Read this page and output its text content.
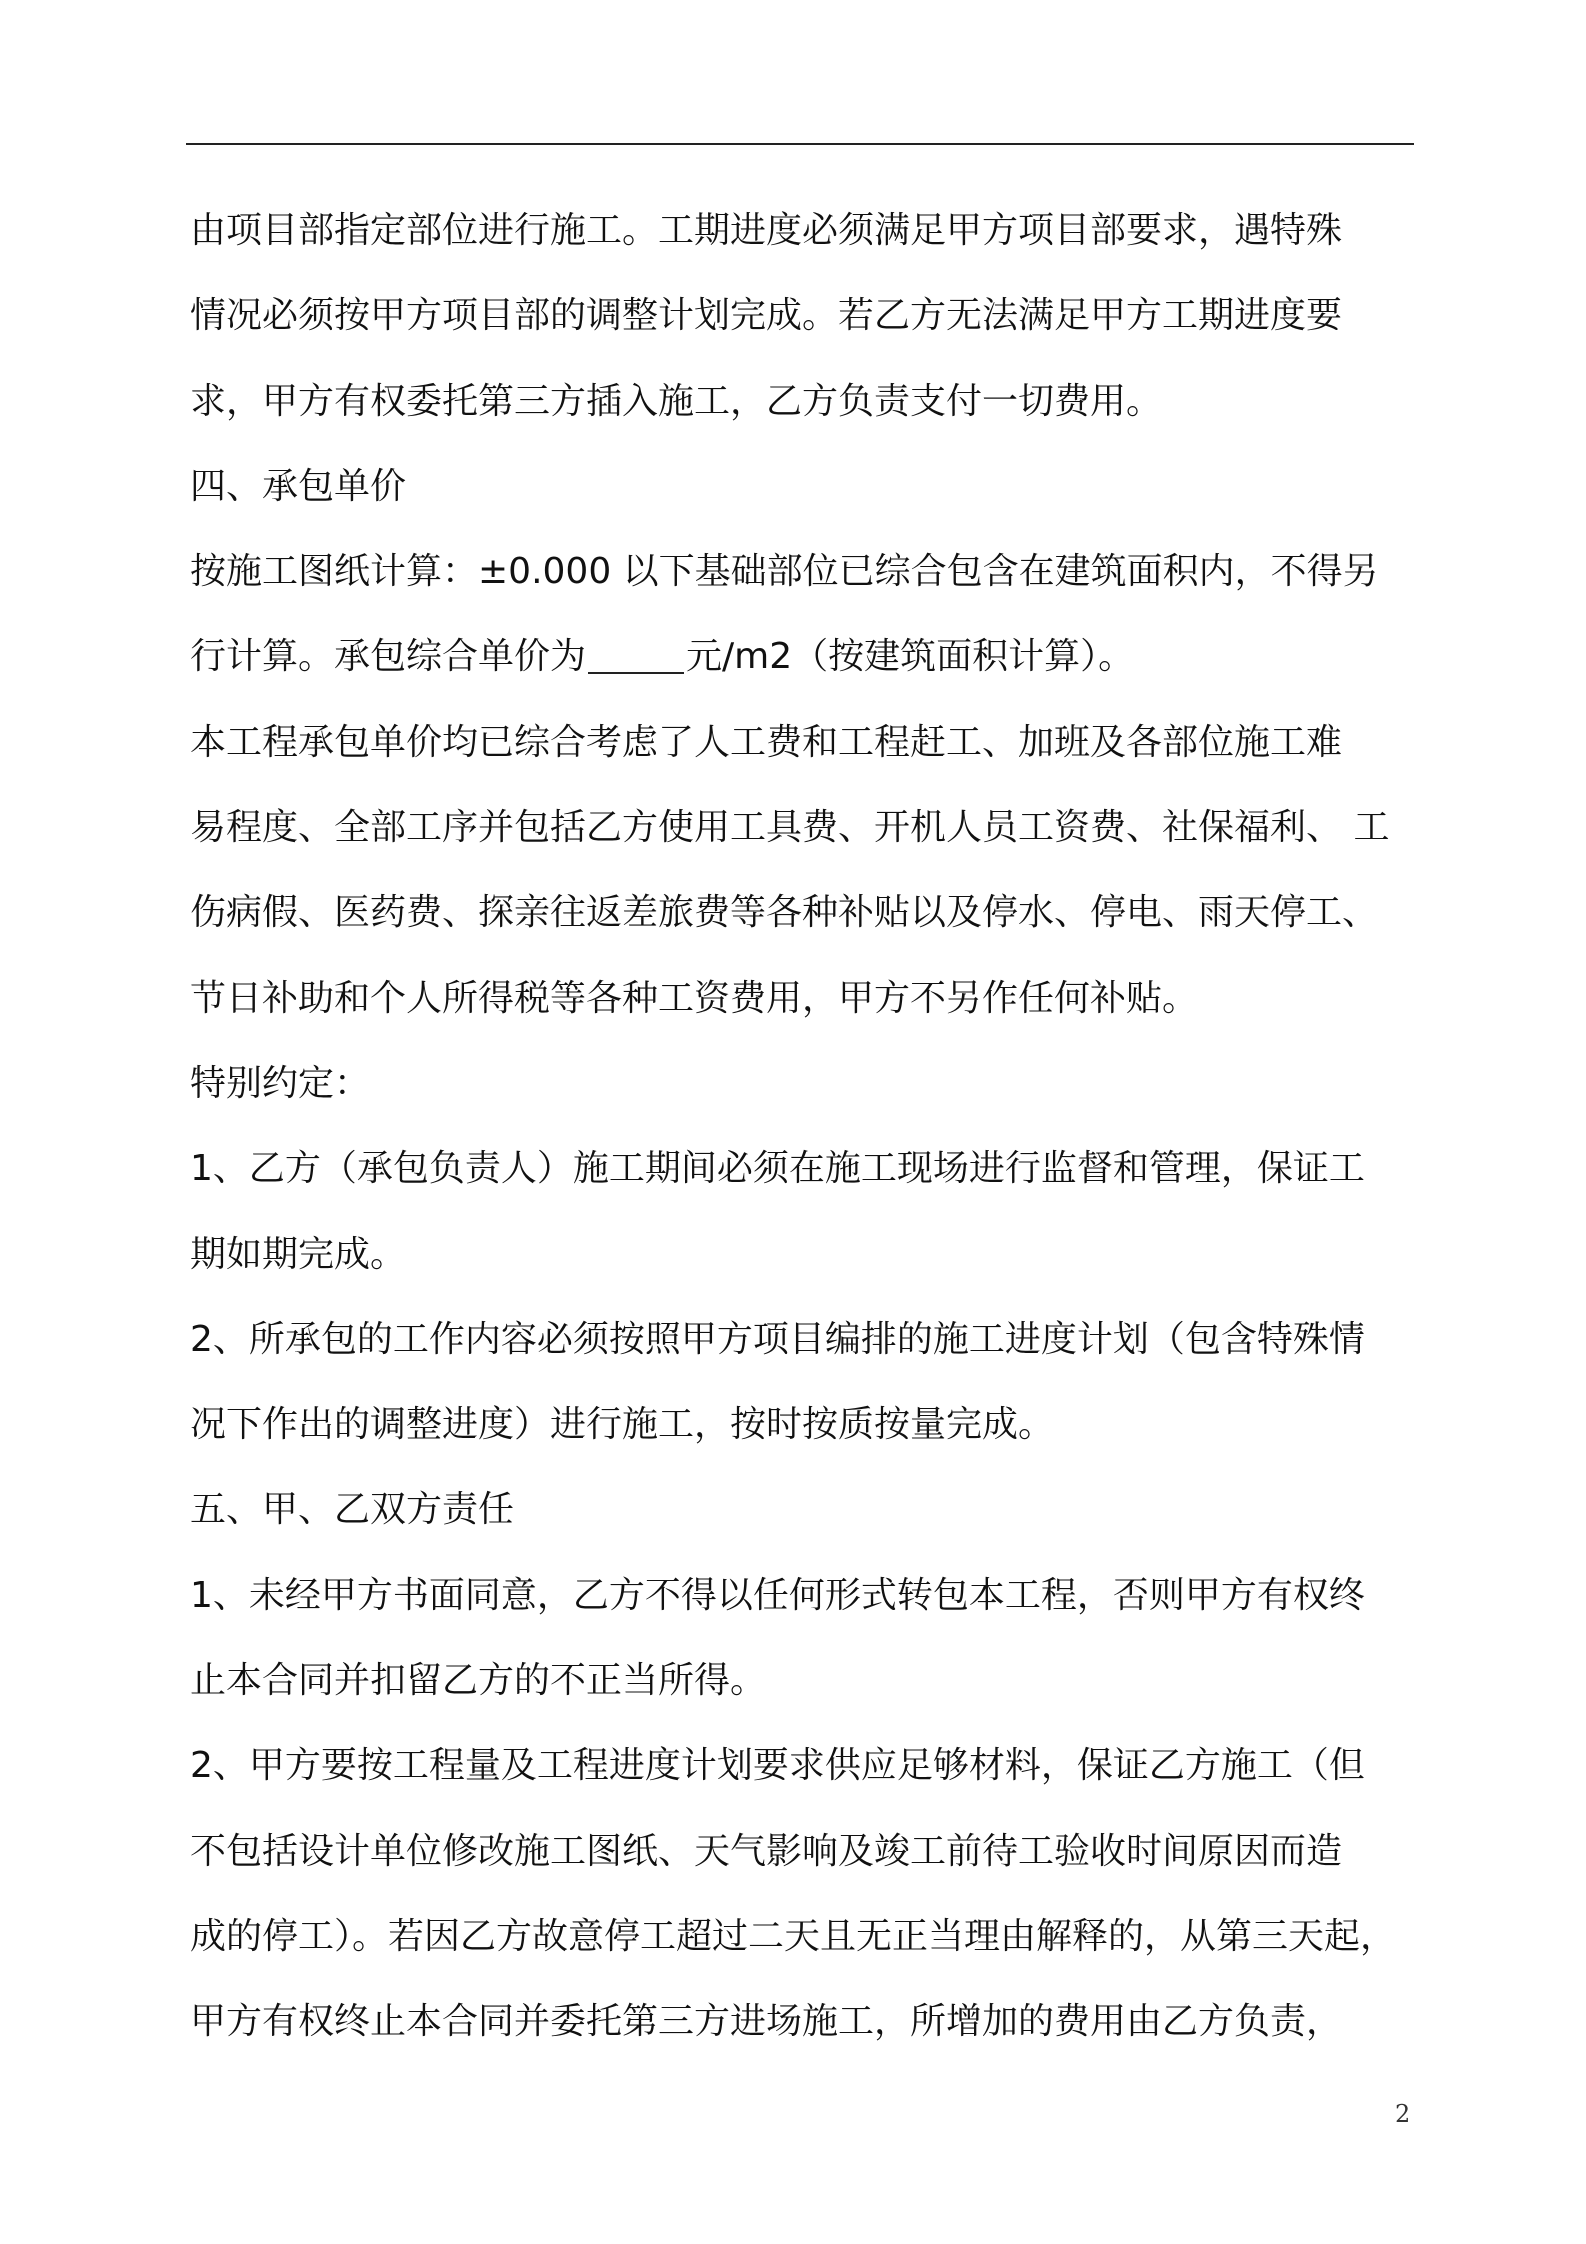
由项目部指定部位进行施工。工期进度必须满足甲方项目部要求，遇特殊
情况必须按甲方项目部的调整计划完成。若乙方无法满足甲方工期进度要
求，甲方有权委托第三方插入施工，乙方负责支付一切费用。
四、承包单价
按施工图纸计算：±0.000 以下基础部位已综合包含在建筑面积内，不得另
行计算。承包综合单价为	元/m2（按建筑面积计算）。
本工程承包单价均已综合考虑了人工费和工程赶工、加班及各部位施工难
易程度、全部工序并包括乙方使用工具费、开机人员工资费、社保福利、 工
伤病假、医药费、探亲往返差旅费等各种补贴以及停水、停电、雨天停工、
节日补助和个人所得税等各种工资费用，甲方不另作任何补贴。
特别约定：
1、乙方（承包负责人）施工期间必须在施工现场进行监督和管理，保证工
期如期完成。
2、所承包的工作内容必须按照甲方项目编排的施工进度计划（包含特殊情
况下作出的调整进度）进行施工，按时按质按量完成。
五、甲、乙双方责任
1、未经甲方书面同意，乙方不得以任何形式转包本工程，否则甲方有权终
止本合同并扣留乙方的不正当所得。
2、甲方要按工程量及工程进度计划要求供应足够材料，保证乙方施工（但
不包括设计单位修改施工图纸、天气影响及竣工前待工验收时间原因而造
成的停工）。若因乙方故意停工超过二天且无正当理由解释的，从第三天起，
甲方有权终止本合同并委托第三方进场施工，所增加的费用由乙方负责，
2
